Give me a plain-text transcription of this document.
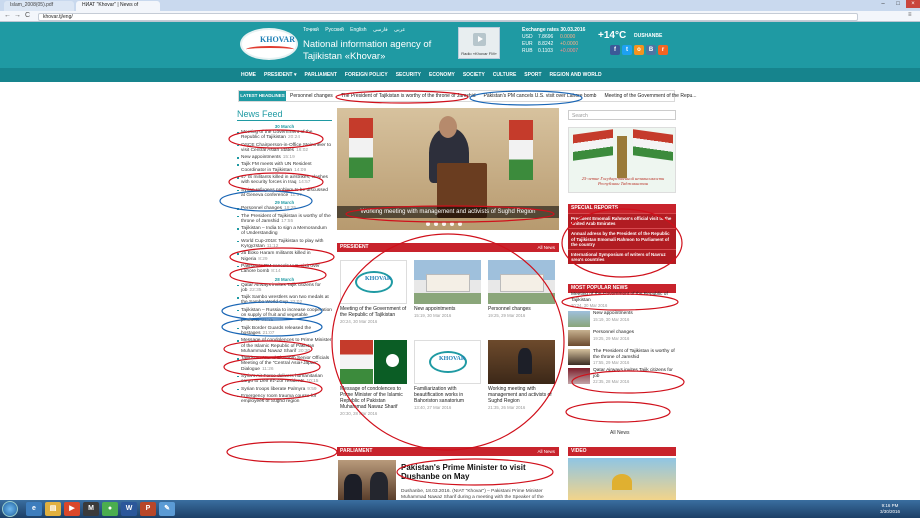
Islam_2008(05).pdf	НИАТ "Khovar" | News of	–	□	×
← → C	khovar.tj/eng/	≡
Тоҷикӣ Русский English	عربى فارسی
KHOVAR National information agency of Tajikistan «Khovar»	Radio «Khovar FM»
Exchange rates 30.03.2016
USD	7.8696	0.0000
EUR	8.8242	+0.0000
RUB	0.1103	+0.0007
+14°C DUSHANBE
f	t	o	B	r
HOME PRESIDENT ▾ PARLIAMENT FOREIGN POLICY SECURITY ECONOMY SOCIETY CULTURE SPORT REGION AND WORLD
LATEST HEADLINES Personnel changes The President of Tajikistan is worthy of the throne of Jamshid Pakistan's PM cancels U.S. visit over Lahore bomb Meeting of the Government of the Repu...
News Feed
30 March
Meeting of the Government of the Republic of Tajikistan 20:24
OSCE Chairperson-in-Office Steinmeier to visit Central Asian States 16:02
New appointments 15:19
Tajik FM meets with UN Resident Coordinator in Tajikistan 14:09
47 IS militants killed in airstrikes, clashes with security forces in Iraq 14:57
Syrian refugees problem to be discussed at Geneva conference 11:57
29 March
Personnel changes 19:25
The President of Tajikistan is worthy of the throne of Jamshid 17:55
Tajikistan – India to sign a Memorandum of Understanding
World Cup-2018: Tajikistan to play with Kyrgyzstan 11:12
25 Boko Haram militants killed in Nigeria 8:29
Pakistan's PM cancels U.S. visit over Lahore bomb 8:14
28 March
Qatar Airways invites Tajik citizens for job 22:35
Tajik Sambo wrestlers won two medals at the Sambo World Cup 22:02
Tajikistan – Russia to increase cooperation on supply of fruit and vegetable products 21:35
Tajik Border Guards released the hostages 21:07
Message of condolences to Prime Minister of the Islamic Republic of Pakistan Muhammad Nawaz Sharif 20:30
Tajikistan Attend Eleventh Senior Officials Meeting of the "Central Asia+Japan" Dialogue 11:26
Syria's Air Force delivers humanitarian cargo to Deir ez-Zor residents 10:15
Syrian troops liberate Palmyra 9:59
Emergency room trauma course for employees of Sughd region
Working meeting with management and activists of Sughd Region
PRESIDENT	All News
KHOVAR
Meeting of the Government of the Republic of Tajikistan
20:24, 30 Mar 2016
New appointments
15:19, 30 Mar 2016
Personnel changes
19:25, 29 Mar 2016
Message of condolences to Prime Minister of the Islamic Republic of Pakistan Muhammad Nawaz Sharif
20:30, 28 Mar 2016
KHOVAR
Familiarization with beautification works in Bahoriston sanatorium
13:40, 27 Mar 2016
Working meeting with management and activists of Sughd Region
21:35, 26 Mar 2016
PARLIAMENT	All News
Pakistan's Prime Minister to visit Dushanbe on May
Dushanbe, 18.03.2016. (NIAT "Khovar") – Pakistani Prime Minister Muhammad Nawaz Sharif during a meeting with the Speaker of the
Search
25-летие Государственной независимости Республики Таджикистан
SPECIAL REPORTS
President Emomali Rahmon's official visit to the United Arab Emirates
Annual adress by the President of the Republic of Tajikistan Emomali Rahmon to Parliament of the country
International Symposium of writers of Navruz area's countries
MOST POPULAR NEWS
Meeting of the Government of the Republic of Tajikistan
20:24, 30 Mar 2016
New appointments
15:19, 30 Mar 2016
Personnel changes
19:25, 29 Mar 2016
The President of Tajikistan is worthy of the throne of Jamshid
17:55, 29 Mar 2016
Qatar Airways invites Tajik citizens for job
22:35, 28 Mar 2016
All News
VIDEO
e	▤	▶	M	●	W	P	✎	9:16 PM
3/30/2016
